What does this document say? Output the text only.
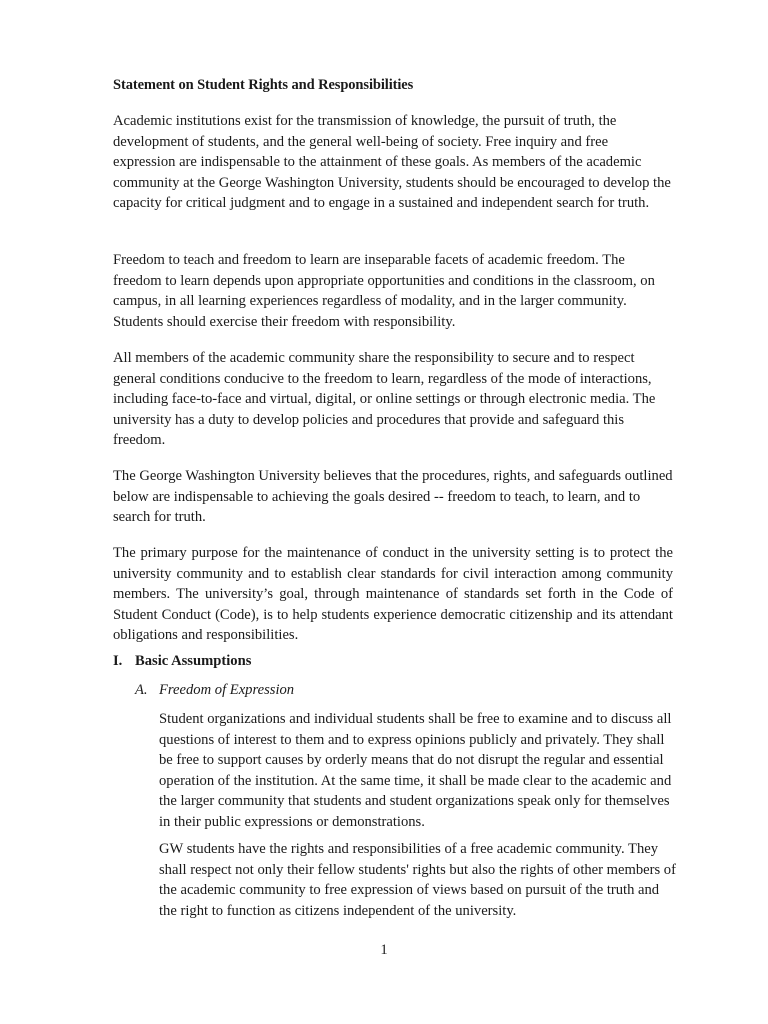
Statement on Student Rights and Responsibilities

Academic institutions exist for the transmission of knowledge, the pursuit of truth, the development of students, and the general well-being of society. Free inquiry and free expression are indispensable to the attainment of these goals. As members of the academic community at the George Washington University, students should be encouraged to develop the capacity for critical judgment and to engage in a sustained and independent search for truth.

Freedom to teach and freedom to learn are inseparable facets of academic freedom. The freedom to learn depends upon appropriate opportunities and conditions in the classroom, on campus, in all learning experiences regardless of modality, and in the larger community. Students should exercise their freedom with responsibility.

All members of the academic community share the responsibility to secure and to respect general conditions conducive to the freedom to learn, regardless of the mode of interactions, including face-to-face and virtual, digital, or online settings or through electronic media. The university has a duty to develop policies and procedures that provide and safeguard this freedom.

The George Washington University believes that the procedures, rights, and safeguards outlined below are indispensable to achieving the goals desired -- freedom to teach, to learn, and to search for truth.

The primary purpose for the maintenance of conduct in the university setting is to protect the university community and to establish clear standards for civil interaction among community members. The university’s goal, through maintenance of standards set forth in the Code of Student Conduct (Code), is to help students experience democratic citizenship and its attendant obligations and responsibilities.

I. Basic Assumptions
A. Freedom of Expression

Student organizations and individual students shall be free to examine and to discuss all questions of interest to them and to express opinions publicly and privately. They shall be free to support causes by orderly means that do not disrupt the regular and essential operation of the institution. At the same time, it shall be made clear to the academic and the larger community that students and student organizations speak only for themselves in their public expressions or demonstrations.

GW students have the rights and responsibilities of a free academic community. They shall respect not only their fellow students' rights but also the rights of other members of the academic community to free expression of views based on pursuit of the truth and the right to function as citizens independent of the university.

1
